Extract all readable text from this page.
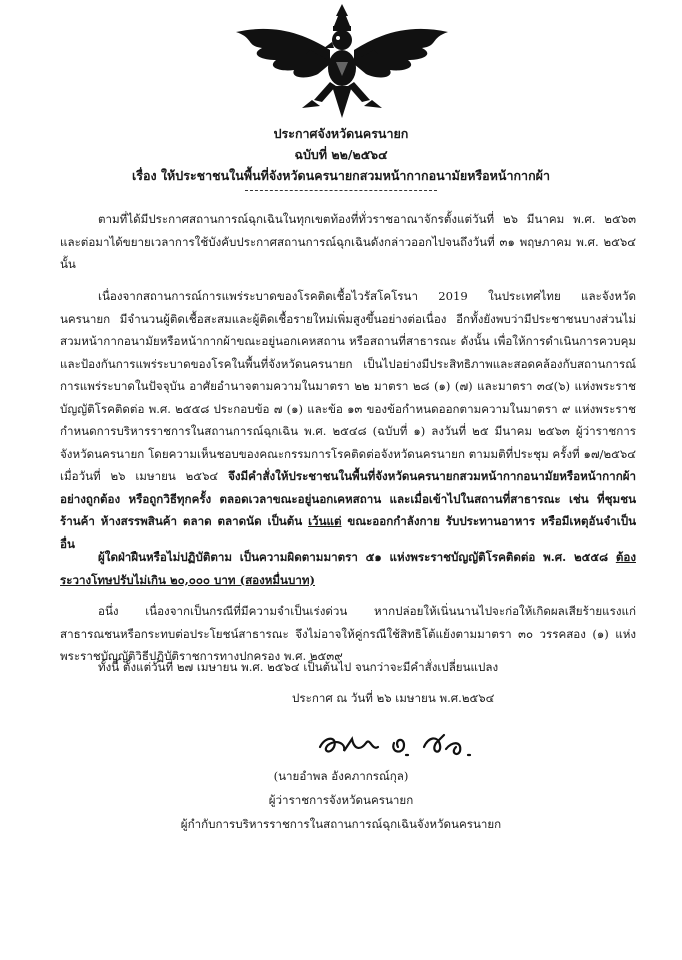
ประกาศจังหวัดนครนายก
ฉบับที่ ๒๒/๒๕๖๔
เรื่อง ให้ประชาชนในพื้นที่จังหวัดนครนายกสวมหน้ากากอนามัยหรือหน้ากากผ้า
ตามที่ได้มีประกาศสถานการณ์ฉุกเฉินในทุกเขตท้องที่ทั่วราชอาณาจักรตั้งแต่วันที่ ๒๖ มีนาคม พ.ศ. ๒๕๖๓ และต่อมาได้ขยายเวลาการใช้บังคับประกาศสถานการณ์ฉุกเฉินดังกล่าวออกไปจนถึงวันที่ ๓๑ พฤษภาคม พ.ศ. ๒๕๖๔ นั้น
เนื่องจากสถานการณ์การแพร่ระบาดของโรคติดเชื้อไวรัสโคโรนา 2019 ในประเทศไทย และจังหวัดนครนายก มีจำนวนผู้ติดเชื้อสะสมและผู้ติดเชื้อรายใหม่เพิ่มสูงขึ้นอย่างต่อเนื่อง อีกทั้งยังพบว่ามีประชาชนบางส่วนไม่สวมหน้ากากอนามัยหรือหน้ากากผ้าขณะอยู่นอกเคหสถาน หรือสถานที่สาธารณะ ดังนั้น เพื่อให้การดำเนินการควบคุมและป้องกันการแพร่ระบาดของโรคในพื้นที่จังหวัดนครนายก เป็นไปอย่างมีประสิทธิภาพและสอดคล้องกับสถานการณ์การแพร่ระบาดในปัจจุบัน อาศัยอำนาจตามความในมาตรา ๒๒ มาตรา ๒๘ (๑) (๗) และมาตรา ๓๔(๖) แห่งพระราชบัญญัติโรคติดต่อ พ.ศ. ๒๕๕๘ ประกอบข้อ ๗ (๑) และข้อ ๑๓ ของข้อกำหนดออกตามความในมาตรา ๙ แห่งพระราชกำหนดการบริหารราชการในสถานการณ์ฉุกเฉิน พ.ศ. ๒๕๔๘ (ฉบับที่ ๑) ลงวันที่ ๒๕ มีนาคม ๒๕๖๓ ผู้ว่าราชการจังหวัดนครนายก โดยความเห็นชอบของคณะกรรมการโรคติดต่อจังหวัดนครนายก ตามมติที่ประชุม ครั้งที่ ๑๗/๒๕๖๔ เมื่อวันที่ ๒๖ เมษายน ๒๕๖๔ จึงมีคำสั่งให้ประชาชนในพื้นที่จังหวัดนครนายกสวมหน้ากากอนามัยหรือหน้ากากผ้าอย่างถูกต้อง หรือถูกวิธีทุกครั้ง ตลอดเวลาขณะอยู่นอกเคหสถาน และเมื่อเข้าไปในสถานที่สาธารณะ เช่น ที่ชุมชน ร้านค้า ห้างสรรพสินค้า ตลาด ตลาดนัด เป็นต้น เว้นแต่ ขณะออกกำลังกาย รับประทานอาหาร หรือมีเหตุอันจำเป็นอื่น
ผู้ใดฝ่าฝืนหรือไม่ปฏิบัติตาม เป็นความผิดตามมาตรา ๕๑ แห่งพระราชบัญญัติโรคติดต่อ พ.ศ. ๒๕๕๘ ต้องระวางโทษปรับไม่เกิน ๒๐,๐๐๐ บาท (สองหมื่นบาท)
อนึ่ง เนื่องจากเป็นกรณีที่มีความจำเป็นเร่งด่วน หากปล่อยให้เนิ่นนานไปจะก่อให้เกิดผลเสียร้ายแรงแก่สาธารณชนหรือกระทบต่อประโยชน์สาธารณะ จึงไม่อาจให้คู่กรณีใช้สิทธิโต้แย้งตามมาตรา ๓๐ วรรคสอง (๑) แห่งพระราชบัญญัติวิธีปฏิบัติราชการทางปกครอง พ.ศ. ๒๕๓๙
ทั้งนี้ ตั้งแต่วันที่ ๒๗ เมษายน พ.ศ. ๒๕๖๔ เป็นต้นไป จนกว่าจะมีคำสั่งเปลี่ยนแปลง
ประกาศ ณ วันที่ ๒๖ เมษายน พ.ศ.๒๕๖๔
(นายอำพล อังคภากรณ์กุล)
ผู้ว่าราชการจังหวัดนครนายก
ผู้กำกับการบริหารราชการในสถานการณ์ฉุกเฉินจังหวัดนครนายก
